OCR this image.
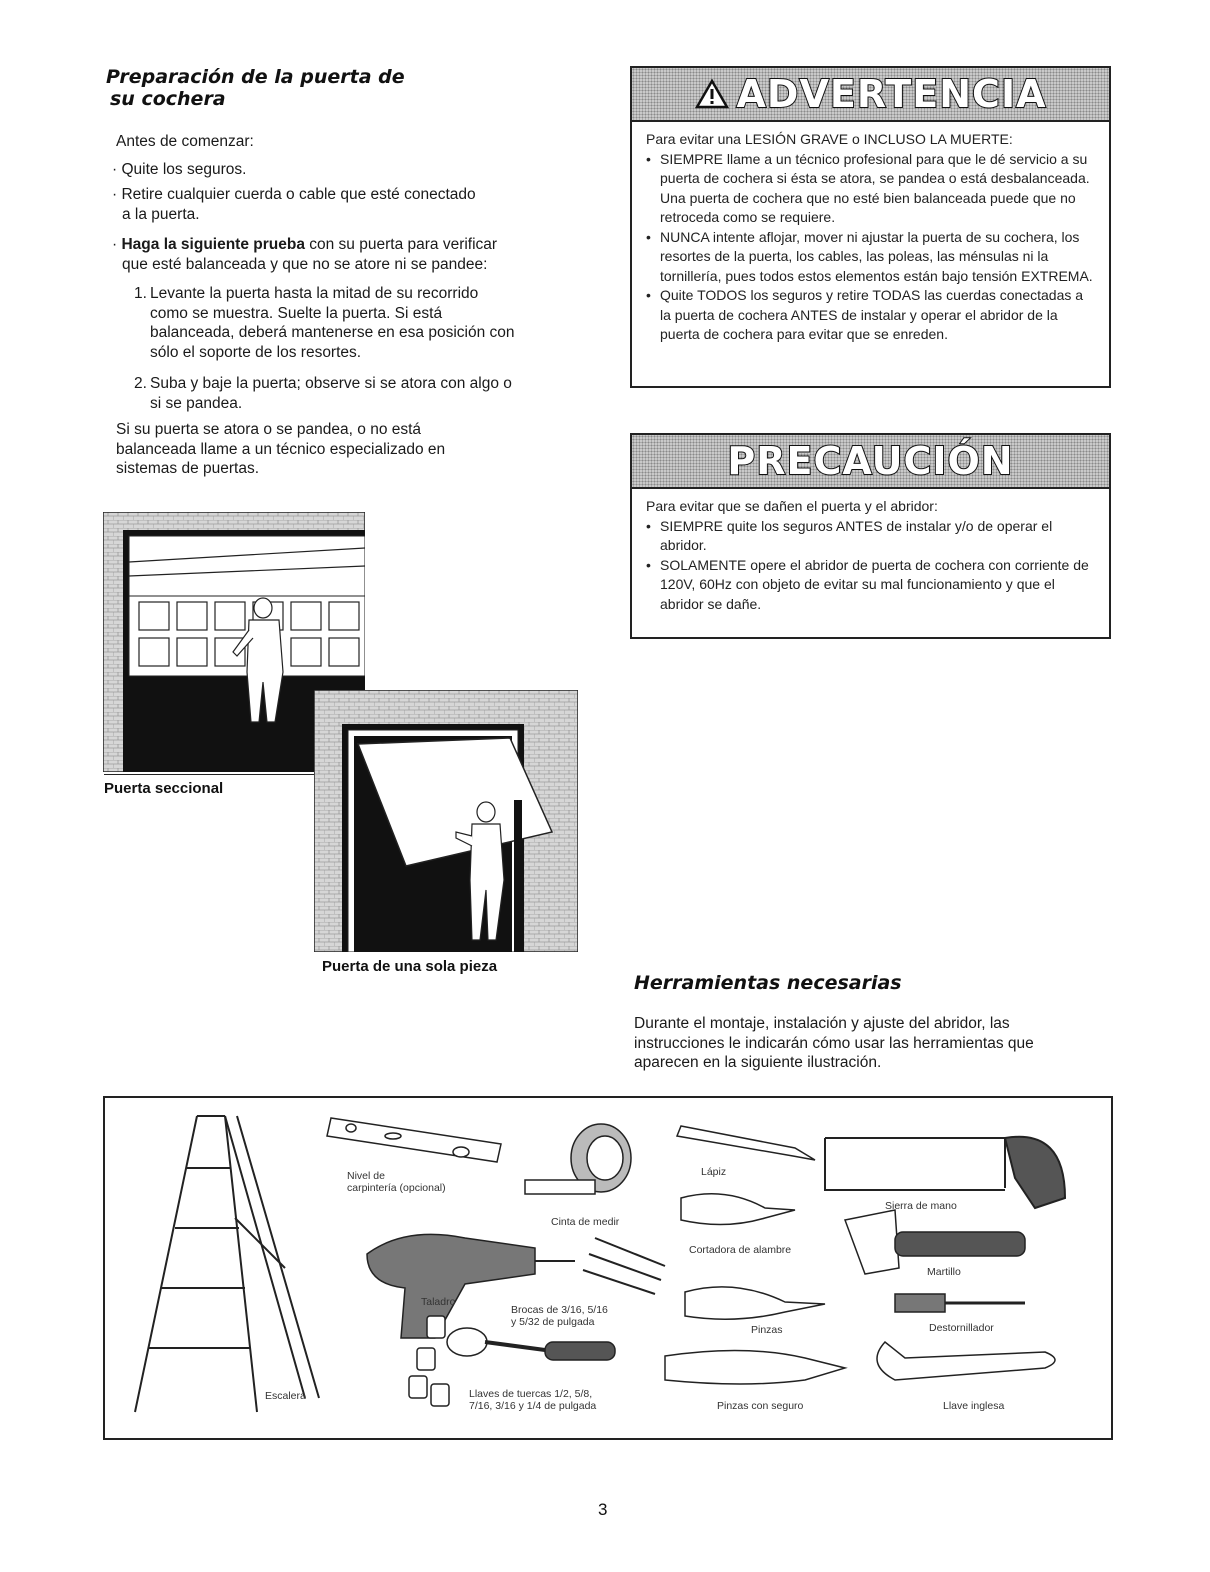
Preparación de la puerta de
su cochera
Antes de comenzar:
· Quite los seguros.
· Retire cualquier cuerda o cable que esté conectado
a la puerta.
· Haga la siguiente prueba con su puerta para verificar
que esté balanceada y que no se atore ni se pandee:
1. Levante la puerta hasta la mitad de su recorrido
como se muestra. Suelte la puerta. Si está
balanceada, deberá mantenerse en esa posición con
sólo el soporte de los resortes.
2. Suba y baje la puerta; observe si se atora con algo o
si se pandea.
Si su puerta se atora o se pandea, o no está
balanceada llame a un técnico especializado en
sistemas de puertas.
Puerta seccional
Puerta de una sola pieza
ADVERTENCIA
Para evitar una LESIÓN GRAVE o INCLUSO LA MUERTE:
• SIEMPRE llame a un técnico profesional para que le dé servicio a su puerta de cochera si ésta se atora, se pandea o está desbalanceada. Una puerta de cochera que no esté bien balanceada puede que no retroceda como se requiere.
• NUNCA intente aflojar, mover ni ajustar la puerta de su cochera, los resortes de la puerta, los cables, las poleas, las ménsulas ni la tornillería, pues todos estos elementos están bajo tensión EXTREMA.
• Quite TODOS los seguros y retire TODAS las cuerdas conectadas a la puerta de cochera ANTES de instalar y operar el abridor de la puerta de cochera para evitar que se enreden.
PRECAUCIÓN
Para evitar que se dañen el puerta y el abridor:
• SIEMPRE quite los seguros ANTES de instalar y/o de operar el abridor.
• SOLAMENTE opere el abridor de puerta de cochera con corriente de 120V, 60Hz con objeto de evitar su mal funcionamiento y que el abridor se dañe.
Herramientas necesarias
Durante el montaje, instalación y ajuste del abridor, las
instrucciones le indicarán cómo usar las herramientas que
aparecen en la siguiente ilustración.
Nivel de
carpintería (opcional)
Cinta de medir
Lápiz
Sierra de mano
Cortadora de alambre
Martillo
Taladro
Brocas de 3/16, 5/16
y 5/32 de pulgada
Pinzas	Destornillador
Escalera	Llaves de tuercas 1/2, 5/8,
7/16, 3/16 y 1/4 de pulgada	Pinzas con seguro	Llave inglesa
3
